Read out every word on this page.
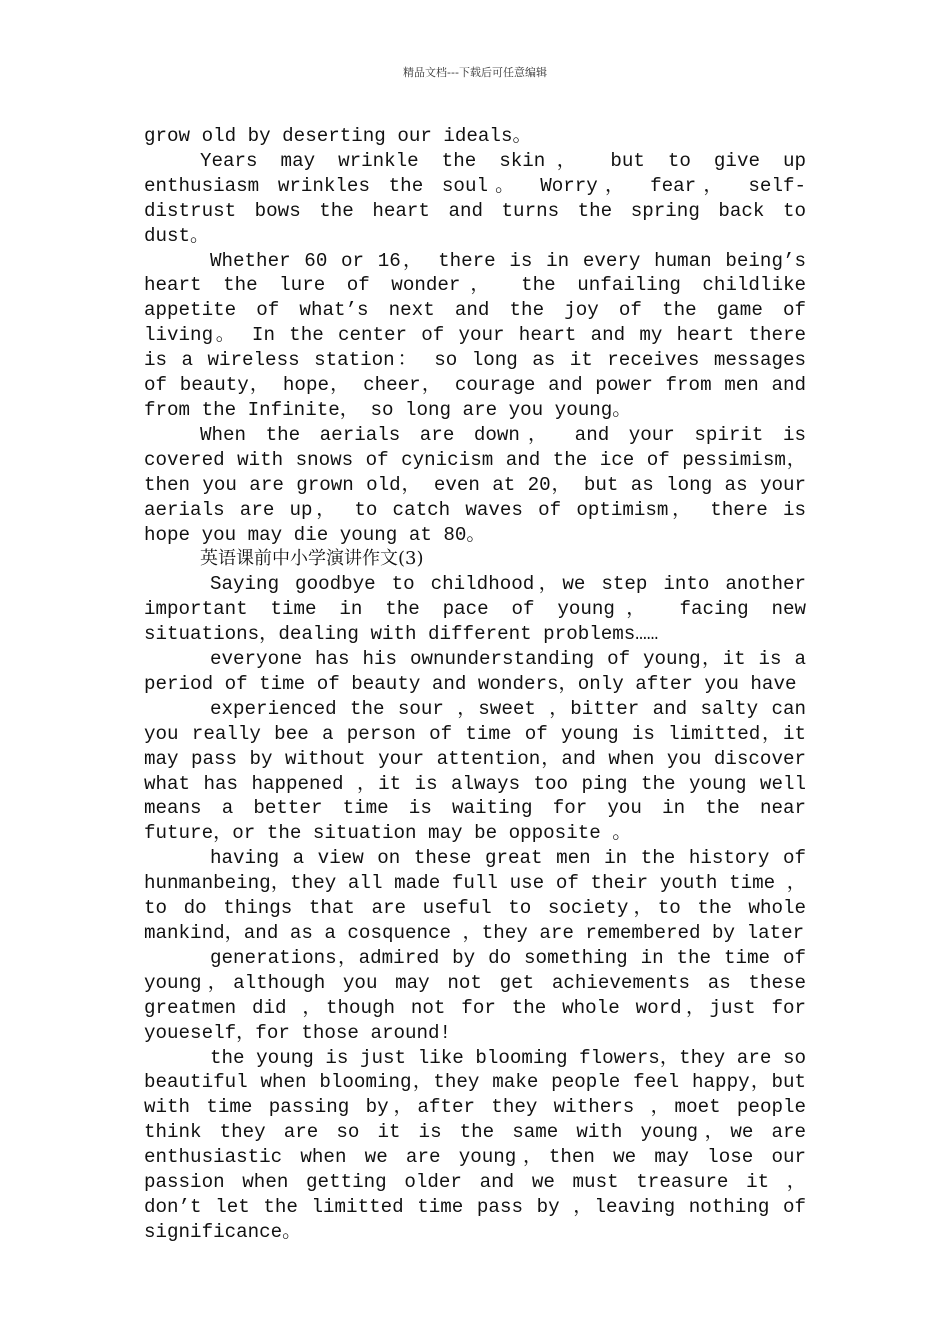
精品文档---下载后可任意编辑

grow old by deserting our ideals。

Years may wrinkle the skin， but to give up enthusiasm wrinkles the soul。 Worry， fear， self-distrust bows the heart and turns the spring back to dust。

Whether 60 or 16， there is in every human being’s heart the lure of wonder， the unfailing childlike appetite of what’s next and the joy of the game of living。 In the center of your heart and my heart there is a wireless station： so long as it receives messages of beauty， hope， cheer， courage and power from men and from the Infinite， so long are you young。

When the aerials are down， and your spirit is covered with snows of cynicism and the ice of pessimism， then you are grown old， even at 20， but as long as your aerials are up， to catch waves of optimism， there is hope you may die young at 80。

英语课前中小学演讲作文(3)

Saying goodbye to childhood，we step into another important time in the pace of young， facing new situations，dealing with different problems……

everyone has his ownunderstanding of young，it is a period of time of beauty and wonders，only after you have

experienced the sour ，sweet ，bitter and salty can you really bee a person of time of young is limitted，it may pass by without your attention，and when you discover what has happened ，it is always too ping the young well means a better time is waiting for you in the near future，or the situation may be opposite 。

having a view on these great men in the history of hunmanbeing，they all made full use of their youth time ，to do things that are useful to society，to the whole mankind，and as a cosquence ，they are remembered by later

generations，admired by do something in the time of young，although you may not get achievements as these greatmen did ，though not for the whole word，just for youeself，for those around!

the young is just like blooming flowers，they are so beautiful when blooming，they make people feel happy，but with time passing by，after they withers ，moet people think they are so it is the same with young，we are enthusiastic when we are young，then we may lose our passion when getting older and we must treasure it ，don’t let the limitted time pass by ，leaving nothing of significance。
